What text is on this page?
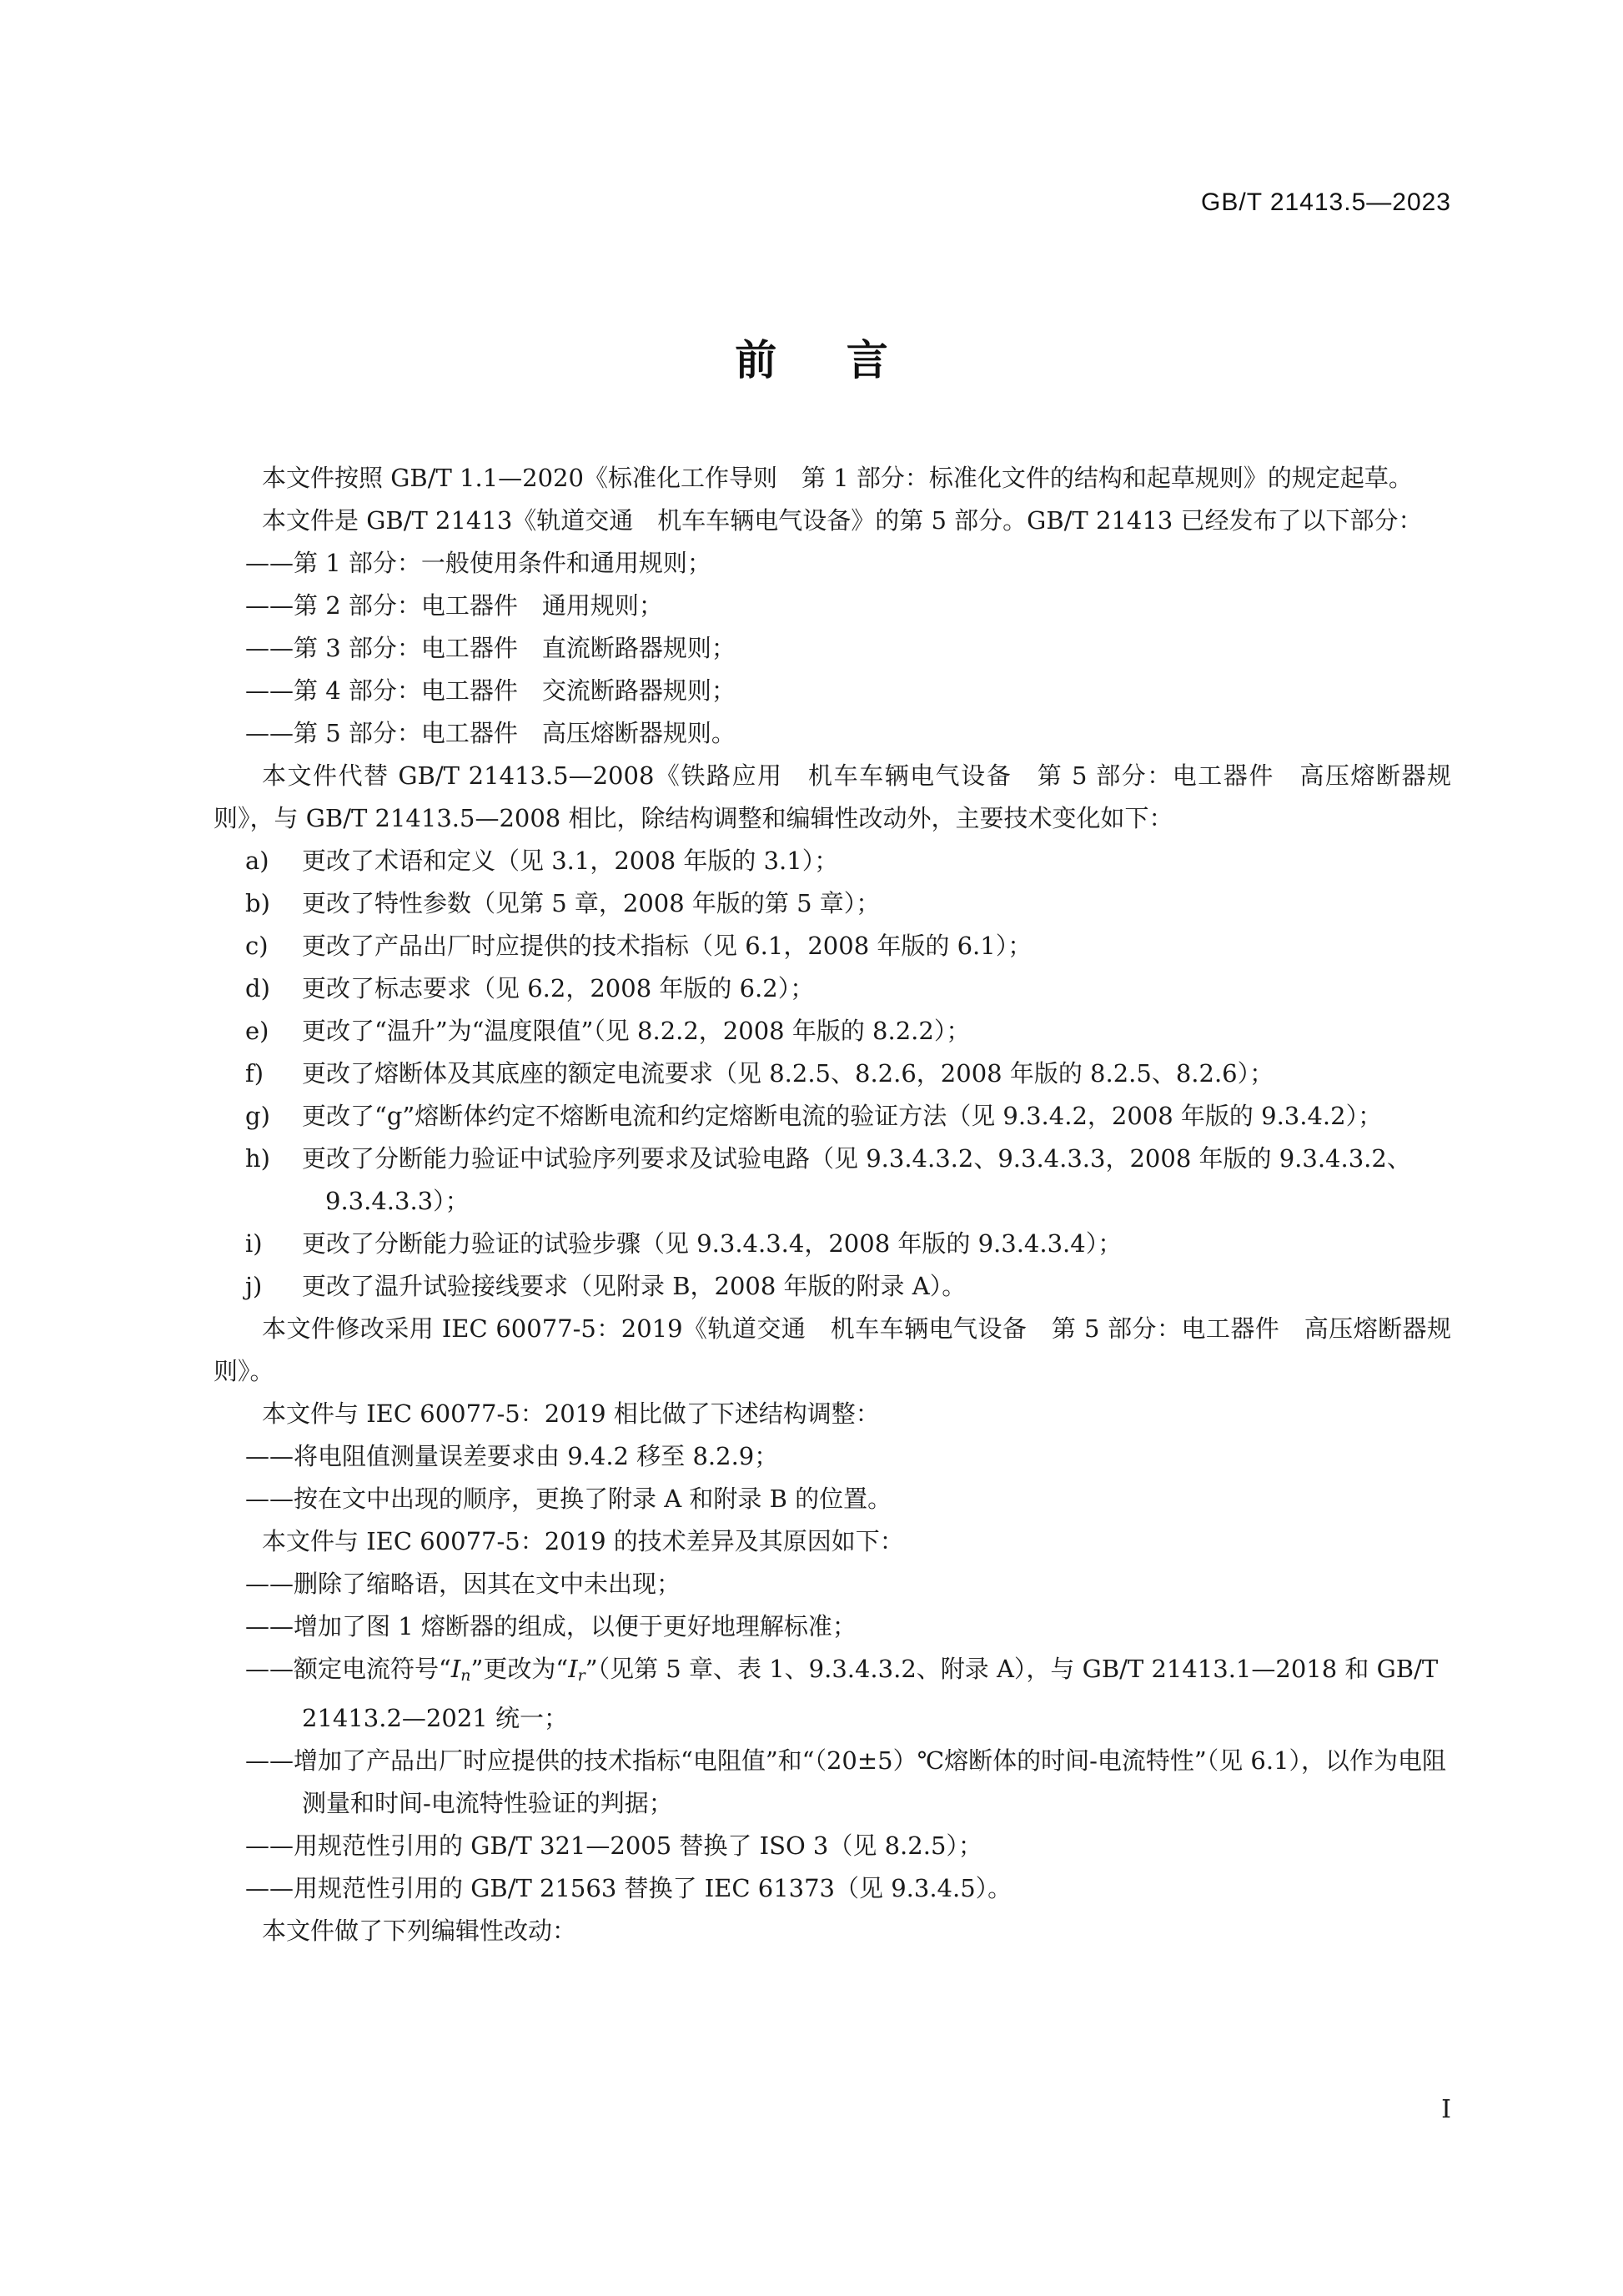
GB/T 21413.5—2023
前 言

本文件按照 GB/T 1.1—2020《标准化工作导则　第 1 部分：标准化文件的结构和起草规则》的规定起草。

本文件是 GB/T 21413《轨道交通　机车车辆电气设备》的第 5 部分。GB/T 21413 已经发布了以下部分：

——第 1 部分：一般使用条件和通用规则；

——第 2 部分：电工器件　通用规则；

——第 3 部分：电工器件　直流断路器规则；

——第 4 部分：电工器件　交流断路器规则；

——第 5 部分：电工器件　高压熔断器规则。

本文件代替 GB/T 21413.5—2008《铁路应用　机车车辆电气设备　第 5 部分：电工器件　高压熔断器规则》，与 GB/T 21413.5—2008 相比，除结构调整和编辑性改动外，主要技术变化如下：

a) 更改了术语和定义（见 3.1，2008 年版的 3.1）；

b) 更改了特性参数（见第 5 章，2008 年版的第 5 章）；

c) 更改了产品出厂时应提供的技术指标（见 6.1，2008 年版的 6.1）；

d) 更改了标志要求（见 6.2，2008 年版的 6.2）；

e) 更改了“温升”为“温度限值”（见 8.2.2，2008 年版的 8.2.2）；

f) 更改了熔断体及其底座的额定电流要求（见 8.2.5、8.2.6，2008 年版的 8.2.5、8.2.6）；

g) 更改了“g”熔断体约定不熔断电流和约定熔断电流的验证方法（见 9.3.4.2，2008 年版的 9.3.4.2）；

h) 更改了分断能力验证中试验序列要求及试验电路（见 9.3.4.3.2、9.3.4.3.3，2008 年版的 9.3.4.3.2、9.3.4.3.3）；

i) 更改了分断能力验证的试验步骤（见 9.3.4.3.4，2008 年版的 9.3.4.3.4）；

j) 更改了温升试验接线要求（见附录 B，2008 年版的附录 A）。

本文件修改采用 IEC 60077-5：2019《轨道交通　机车车辆电气设备　第 5 部分：电工器件　高压熔断器规则》。

本文件与 IEC 60077-5：2019 相比做了下述结构调整：

——将电阻值测量误差要求由 9.4.2 移至 8.2.9；

——按在文中出现的顺序，更换了附录 A 和附录 B 的位置。

本文件与 IEC 60077-5：2019 的技术差异及其原因如下：

——删除了缩略语，因其在文中未出现；

——增加了图 1 熔断器的组成，以便于更好地理解标准；

——额定电流符号“$I_n$”更改为“$I_r$”（见第 5 章、表 1、9.3.4.3.2、附录 A），与 GB/T 21413.1—2018 和 GB/T 21413.2—2021 统一；

——增加了产品出厂时应提供的技术指标“电阻值”和“（20±5）℃熔断体的时间-电流特性”（见 6.1），以作为电阻测量和时间-电流特性验证的判据；

——用规范性引用的 GB/T 321—2005 替换了 ISO 3（见 8.2.5）；

——用规范性引用的 GB/T 21563 替换了 IEC 61373（见 9.3.4.5）。

本文件做了下列编辑性改动：

I
